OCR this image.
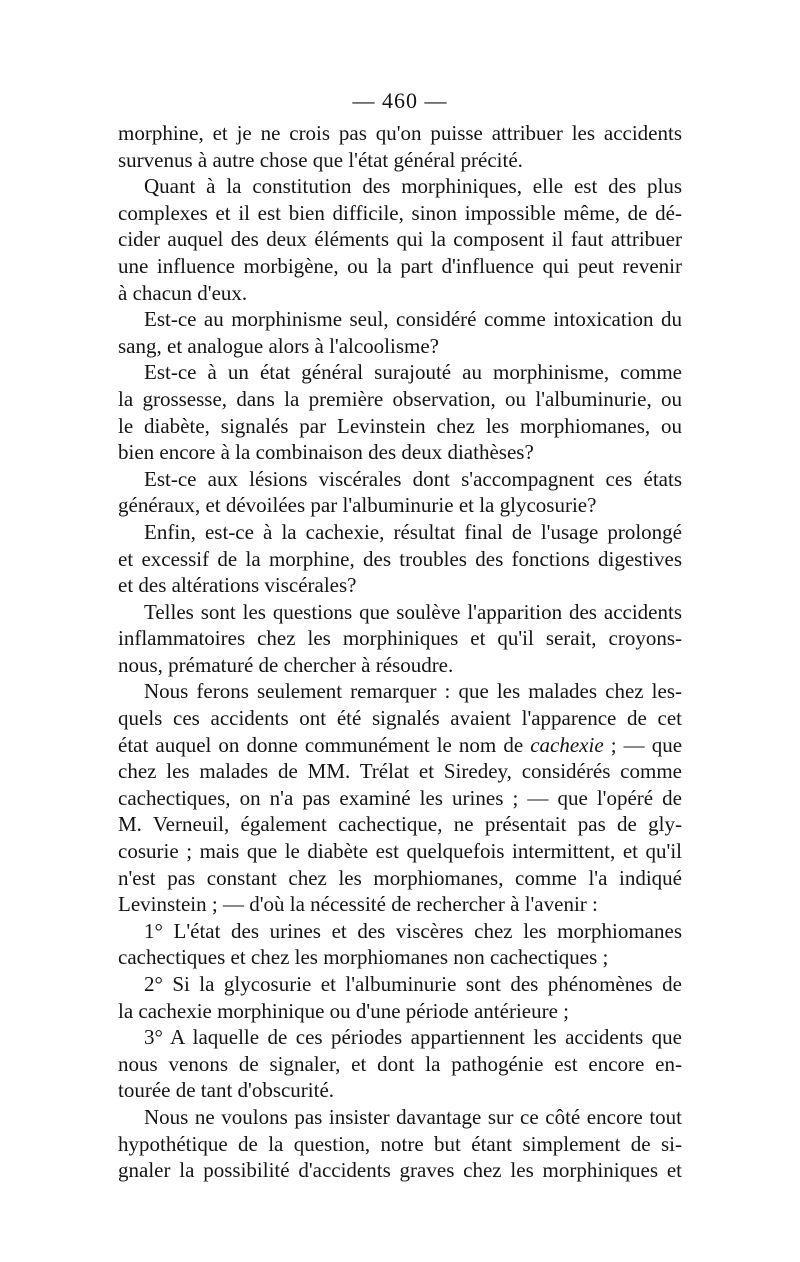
— 460 —
morphine, et je ne crois pas qu'on puisse attribuer les accidents
survenus à autre chose que l'état général précité.
Quant à la constitution des morphiniques, elle est des plus
complexes et il est bien difficile, sinon impossible même, de dé-
cider auquel des deux éléments qui la composent il faut attribuer
une influence morbigène, ou la part d'influence qui peut revenir
à chacun d'eux.
Est-ce au morphinisme seul, considéré comme intoxication du
sang, et analogue alors à l'alcoolisme?
Est-ce à un état général surajouté au morphinisme, comme
la grossesse, dans la première observation, ou l'albuminurie, ou
le diabète, signalés par Levinstein chez les morphiomanes, ou
bien encore à la combinaison des deux diathèses?
Est-ce aux lésions viscérales dont s'accompagnent ces états
généraux, et dévoilées par l'albuminurie et la glycosurie?
Enfin, est-ce à la cachexie, résultat final de l'usage prolongé
et excessif de la morphine, des troubles des fonctions digestives
et des altérations viscérales?
Telles sont les questions que soulève l'apparition des accidents
inflammatoires chez les morphiniques et qu'il serait, croyons-
nous, prématuré de chercher à résoudre.
Nous ferons seulement remarquer : que les malades chez les-
quels ces accidents ont été signalés avaient l'apparence de cet
état auquel on donne communément le nom de cachexie ; — que
chez les malades de MM. Trélat et Siredey, considérés comme
cachectiques, on n'a pas examiné les urines ; — que l'opéré de
M. Verneuil, également cachectique, ne présentait pas de gly-
cosurie ; mais que le diabète est quelquefois intermittent, et qu'il
n'est pas constant chez les morphiomanes, comme l'a indiqué
Levinstein ; — d'où la nécessité de rechercher à l'avenir :
1° L'état des urines et des viscères chez les morphiomanes
cachectiques et chez les morphiomanes non cachectiques ;
2° Si la glycosurie et l'albuminurie sont des phénomènes de
la cachexie morphinique ou d'une période antérieure ;
3° A laquelle de ces périodes appartiennent les accidents que
nous venons de signaler, et dont la pathogénie est encore en-
tourée de tant d'obscurité.
Nous ne voulons pas insister davantage sur ce côté encore tout
hypothétique de la question, notre but étant simplement de si-
gnaler la possibilité d'accidents graves chez les morphiniques et
